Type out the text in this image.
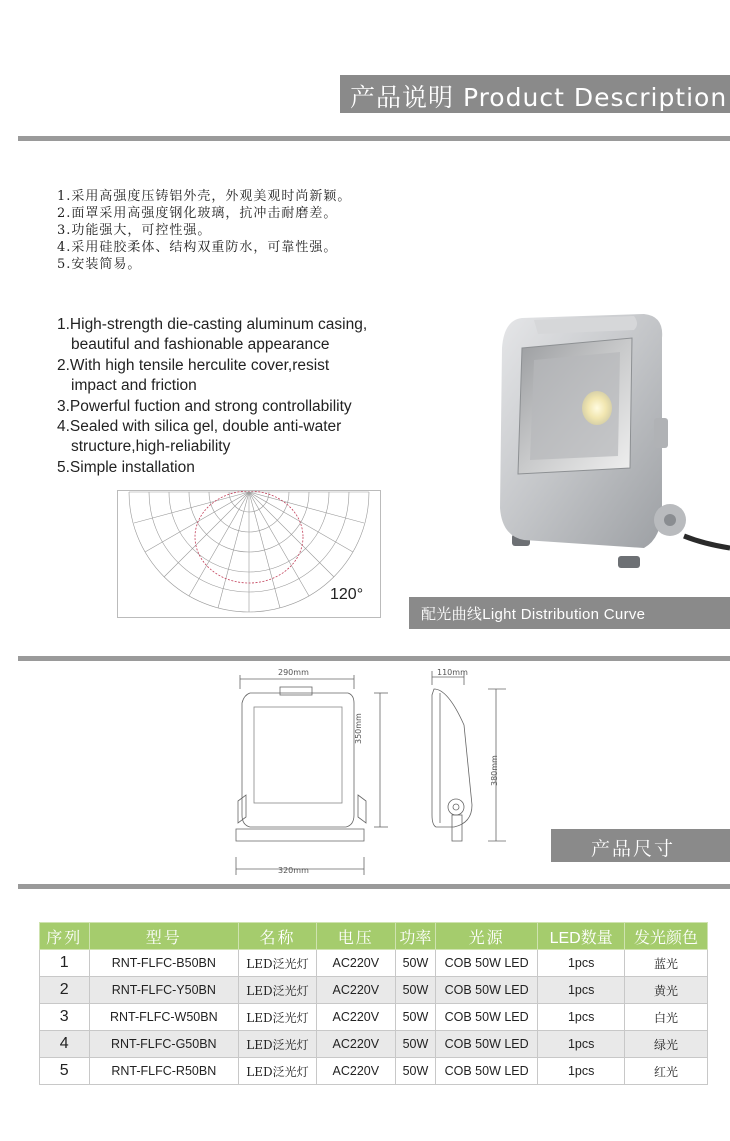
产品说明 Product Description
1.采用高强度压铸铝外壳，外观美观时尚新颖。
2.面罩采用高强度钢化玻璃，抗冲击耐磨差。
3.功能强大，可控性强。
4.采用硅胶柔体、结构双重防水，可靠性强。
5.安装简易。
1.High-strength die-casting aluminum casing,
beautiful and fashionable appearance
2.With high tensile herculite cover,resist
impact and friction
3.Powerful fuction and strong controllability
4.Sealed with silica gel, double anti-water
structure,high-reliability
5.Simple installation
120°
配光曲线Light Distribution Curve
290mm
350mm
320mm
110mm
380mm
产品尺寸
序列	型号	名称	电压	功率	光源	LED数量	发光颜色
1	RNT-FLFC-B50BN	LED泛光灯	AC220V	50W	COB 50W LED	1pcs	蓝光
2	RNT-FLFC-Y50BN	LED泛光灯	AC220V	50W	COB 50W LED	1pcs	黄光
3	RNT-FLFC-W50BN	LED泛光灯	AC220V	50W	COB 50W LED	1pcs	白光
4	RNT-FLFC-G50BN	LED泛光灯	AC220V	50W	COB 50W LED	1pcs	绿光
5	RNT-FLFC-R50BN	LED泛光灯	AC220V	50W	COB 50W LED	1pcs	红光
